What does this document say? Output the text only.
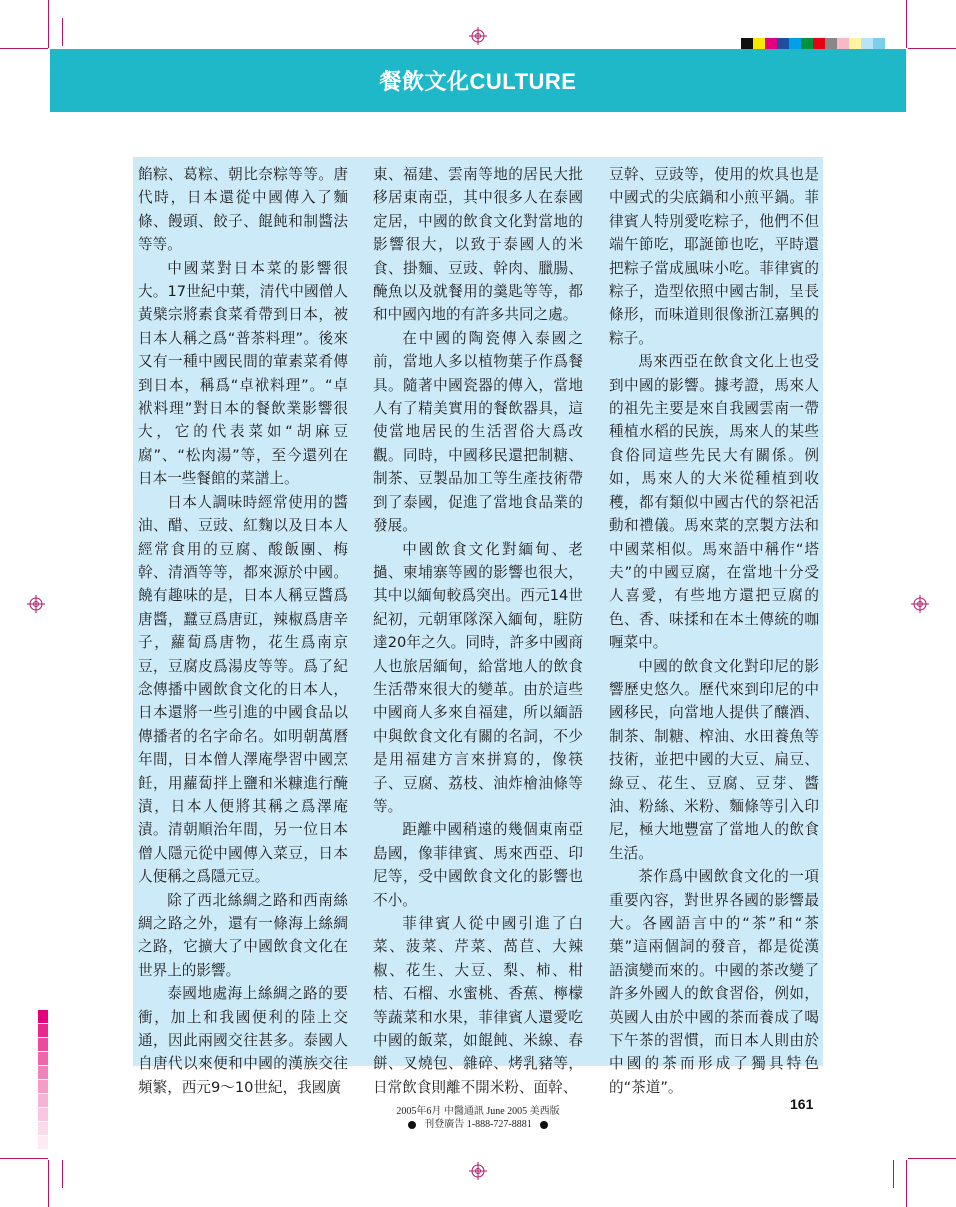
餐飲文化CULTURE

餡粽、葛粽、朝比奈粽等等。唐代時，日本還從中國傳入了麵條、饅頭、餃子、餛飩和制醬法等等。

中國菜對日本菜的影響很大。17世紀中葉，清代中國僧人黃檗宗將素食菜肴帶到日本，被日本人稱之爲“普茶料理”。後來又有一種中國民間的葷素菜肴傳到日本，稱爲“卓袱料理”。“卓袱料理”對日本的餐飲業影響很大，它的代表菜如“胡麻豆腐”、“松肉湯”等，至今還列在日本一些餐館的菜譜上。

日本人調味時經常使用的醬油、醋、豆豉、紅麴以及日本人經常食用的豆腐、酸飯團、梅幹、清酒等等，都來源於中國。饒有趣味的是，日本人稱豆醬爲唐醬，蠶豆爲唐豇，辣椒爲唐辛子，蘿蔔爲唐物，花生爲南京豆，豆腐皮爲湯皮等等。爲了紀念傳播中國飲食文化的日本人，日本還將一些引進的中國食品以傳播者的名字命名。如明朝萬曆年間，日本僧人澤庵學習中國烹飪，用蘿蔔拌上鹽和米糠進行醃漬，日本人便將其稱之爲澤庵漬。清朝順治年間，另一位日本僧人隱元從中國傳入菜豆，日本人便稱之爲隱元豆。

除了西北絲綢之路和西南絲綢之路之外，還有一條海上絲綢之路，它擴大了中國飲食文化在世界上的影響。

泰國地處海上絲綢之路的要衝，加上和我國便利的陸上交通，因此兩國交往甚多。泰國人自唐代以來便和中國的漢族交往頻繁，西元9～10世紀，我國廣

東、福建、雲南等地的居民大批移居東南亞，其中很多人在泰國定居，中國的飲食文化對當地的影響很大，以致于泰國人的米食、掛麵、豆豉、幹肉、臘腸、醃魚以及就餐用的羹匙等等，都和中國內地的有許多共同之處。

在中國的陶瓷傳入泰國之前，當地人多以植物葉子作爲餐具。隨著中國瓷器的傳入，當地人有了精美實用的餐飲器具，這使當地居民的生活習俗大爲改觀。同時，中國移民還把制糖、制茶、豆製品加工等生產技術帶到了泰國，促進了當地食品業的發展。

中國飲食文化對緬甸、老撾、柬埔寨等國的影響也很大，其中以緬甸較爲突出。西元14世紀初，元朝軍隊深入緬甸，駐防達20年之久。同時，許多中國商人也旅居緬甸，給當地人的飲食生活帶來很大的變革。由於這些中國商人多來自福建，所以緬語中與飲食文化有關的名詞，不少是用福建方言來拼寫的，像筷子、豆腐、荔枝、油炸檜油條等等。

距離中國稍遠的幾個東南亞島國，像菲律賓、馬來西亞、印尼等，受中國飲食文化的影響也不小。

菲律賓人從中國引進了白菜、菠菜、芹菜、萵苣、大辣椒、花生、大豆、梨、柿、柑桔、石榴、水蜜桃、香蕉、檸檬等蔬菜和水果，菲律賓人還愛吃中國的飯菜，如餛飩、米線、春餅、叉燒包、雜碎、烤乳豬等，日常飲食則離不開米粉、面幹、

豆幹、豆豉等，使用的炊具也是中國式的尖底鍋和小煎平鍋。菲律賓人特別愛吃粽子，他們不但端午節吃，耶誕節也吃，平時還把粽子當成風味小吃。菲律賓的粽子，造型依照中國古制，呈長條形，而味道則很像浙江嘉興的粽子。

馬來西亞在飲食文化上也受到中國的影響。據考證，馬來人的祖先主要是來自我國雲南一帶種植水稻的民族，馬來人的某些食俗同這些先民大有關係。例如，馬來人的大米從種植到收穫，都有類似中國古代的祭祀活動和禮儀。馬來菜的烹製方法和中國菜相似。馬來語中稱作“塔夫”的中國豆腐，在當地十分受人喜愛，有些地方還把豆腐的色、香、味揉和在本土傳統的咖喱菜中。

中國的飲食文化對印尼的影響歷史悠久。歷代來到印尼的中國移民，向當地人提供了釀酒、制茶、制糖、榨油、水田養魚等技術，並把中國的大豆、扁豆、綠豆、花生、豆腐、豆芽、醬油、粉絲、米粉、麵條等引入印尼，極大地豐富了當地人的飲食生活。

茶作爲中國飲食文化的一項重要內容，對世界各國的影響最大。各國語言中的“茶”和“茶葉”這兩個詞的發音，都是從漢語演變而來的。中國的茶改變了許多外國人的飲食習俗，例如，英國人由於中國的茶而養成了喝下午茶的習慣，而日本人則由於中國的茶而形成了獨具特色的“茶道”。

161
2005年6月 中醫通訊 June 2005 美西版
刊登廣告 1-888-727-8881
